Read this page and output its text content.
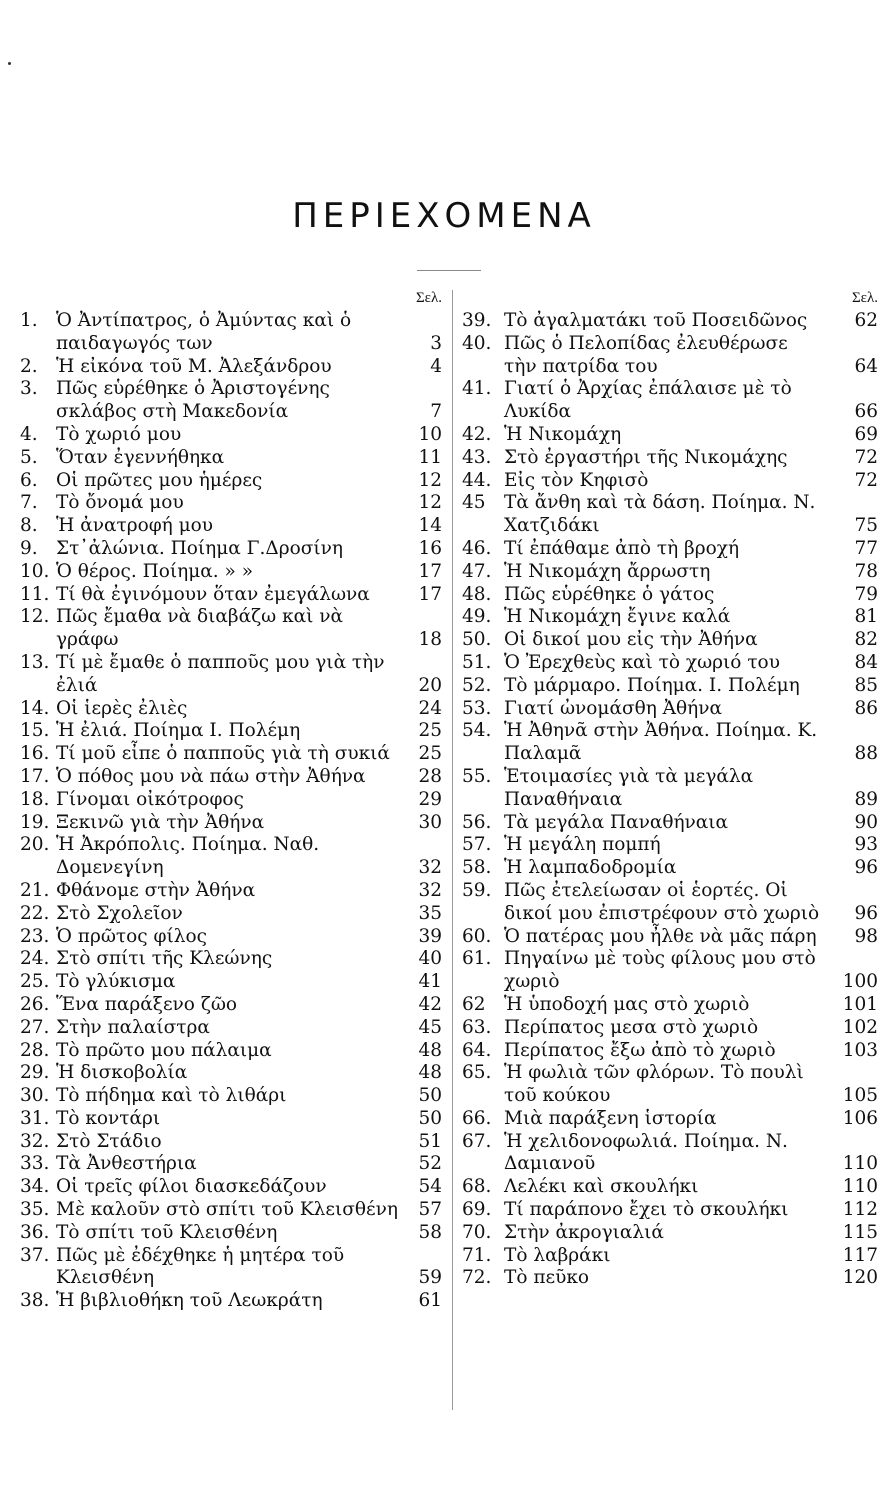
ΠΕΡΙΕΧΟΜΕΝΑ
Σελ.
1. Ὁ Ἀντίπατρος, ὁ Ἀμύντας καὶ ὁ παιδαγωγός των	3
2. Ἡ εἰκόνα τοῦ Μ. Ἀλεξάνδρου	4
3. Πῶς εὑρέθηκε ὁ Ἀριστογένης σκλάβος στὴ Μακεδονία	7
4. Τὸ χωριό μου	10
5. Ὅταν ἐγεννήθηκα	11
6. Οἱ πρῶτες μου ἡμέρες	12
7. Τὸ ὄνομά μου	12
8. Ἡ ἀνατροφή μου	14
9. Στ᾿ἀλώνια. Ποίημα Γ.Δροσίνη	16
10. Ὁ θέρος. Ποίημα. » »	17
11. Τί θὰ ἐγινόμουν ὅταν ἐμεγάλωνα	17
12. Πῶς ἔμαθα νὰ διαβάζω καὶ νὰ γράφω	18
13. Τί μὲ ἔμαθε ὁ παπποῦς μου γιὰ τὴν ἐλιά	20
14. Οἱ ἱερὲς ἐλιὲς	24
15. Ἡ ἐλιά. Ποίημα Ι. Πολέμη	25
16. Τί μοῦ εἶπε ὁ παπποῦς γιὰ τὴ συκιά	25
17. Ὁ πόθος μου νὰ πάω στὴν Ἀθήνα	28
18. Γίνομαι οἰκότροφος	29
19. Ξεκινῶ γιὰ τὴν Ἀθήνα	30
20. Ἡ Ἀκρόπολις. Ποίημα. Ναθ. Δομενεγίνη	32
21. Φθάνομε στὴν Ἀθήνα	32
22. Στὸ Σχολεῖον	35
23. Ὁ πρῶτος φίλος	39
24. Στὸ σπίτι τῆς Κλεώνης	40
25. Τὸ γλύκισμα	41
26. Ἕνα παράξενο ζῶο	42
27. Στὴν παλαίστρα	45
28. Τὸ πρῶτο μου πάλαιμα	48
29. Ἡ δισκοβολία	48
30. Τὸ πήδημα καὶ τὸ λιθάρι	50
31. Τὸ κοντάρι	50
32. Στὸ Στάδιο	51
33. Τὰ Ἀνθεστήρια	52
34. Οἱ τρεῖς φίλοι διασκεδάζουν	54
35. Μὲ καλοῦν στὸ σπίτι τοῦ Κλεισθένη	57
36. Τὸ σπίτι τοῦ Κλεισθένη	58
37. Πῶς μὲ ἐδέχθηκε ἡ μητέρα τοῦ Κλεισθένη	59
38. Ἡ βιβλιοθήκη τοῦ Λεωκράτη	61
Σελ.
39. Τὸ ἀγαλματάκι τοῦ Ποσειδῶνος	62
40. Πῶς ὁ Πελοπίδας ἐλευθέρωσε τὴν πατρίδα του	64
41. Γιατί ὁ Ἀρχίας ἐπάλαισε μὲ τὸ Λυκίδα	66
42. Ἡ Νικομάχη	69
43. Στὸ ἐργαστήρι τῆς Νικομάχης	72
44. Εἰς τὸν Κηφισὸ	72
45 Τὰ ἄνθη καὶ τὰ δάση. Ποίημα. Ν. Χατζιδάκι	75
46. Τί ἐπάθαμε ἀπὸ τὴ βροχή	77
47. Ἡ Νικομάχη ἄρρωστη	78
48. Πῶς εὑρέθηκε ὁ γάτος	79
49. Ἡ Νικομάχη ἔγινε καλά	81
50. Οἱ δικοί μου εἰς τὴν Ἀθήνα	82
51. Ὁ Ἐρεχθεὺς καὶ τὸ χωριό του	84
52. Τὸ μάρμαρο. Ποίημα. Ι. Πολέμη	85
53. Γιατί ὠνομάσθη Ἀθήνα	86
54. Ἡ Ἀθηνᾶ στὴν Ἀθήνα. Ποίημα. Κ. Παλαμᾶ	88
55. Ἑτοιμασίες γιὰ τὰ μεγάλα Παναθήναια	89
56. Τὰ μεγάλα Παναθήναια	90
57. Ἡ μεγάλη πομπή	93
58. Ἡ λαμπαδοδρομία	96
59. Πῶς ἐτελείωσαν οἱ ἑορτές. Οἱ δικοί μου ἐπιστρέφουν στὸ χωριὸ 96
60. Ὁ πατέρας μου ἦλθε νὰ μᾶς πάρη 98
61. Πηγαίνω μὲ τοὺς φίλους μου στὸ χωριὸ	100
62 Ἡ ὑποδοχή μας στὸ χωριὸ	101
63. Περίπατος μεσα στὸ χωριὸ	102
64. Περίπατος ἔξω ἀπὸ τὸ χωριὸ	103
65. Ἡ φωλιὰ τῶν φλόρων. Τὸ πουλὶ τοῦ κούκου	105
66. Μιὰ παράξενη ἱστορία	106
67. Ἡ χελιδονοφωλιά. Ποίημα. Ν. Δαμιανοῦ	110
68. Λελέκι καὶ σκουλήκι	110
69. Τί παράπονο ἔχει τὸ σκουλήκι	112
70. Στὴν ἀκρογιαλιά	115
71. Τὸ λαβράκι	117
72. Τὸ πεῦκο	120
